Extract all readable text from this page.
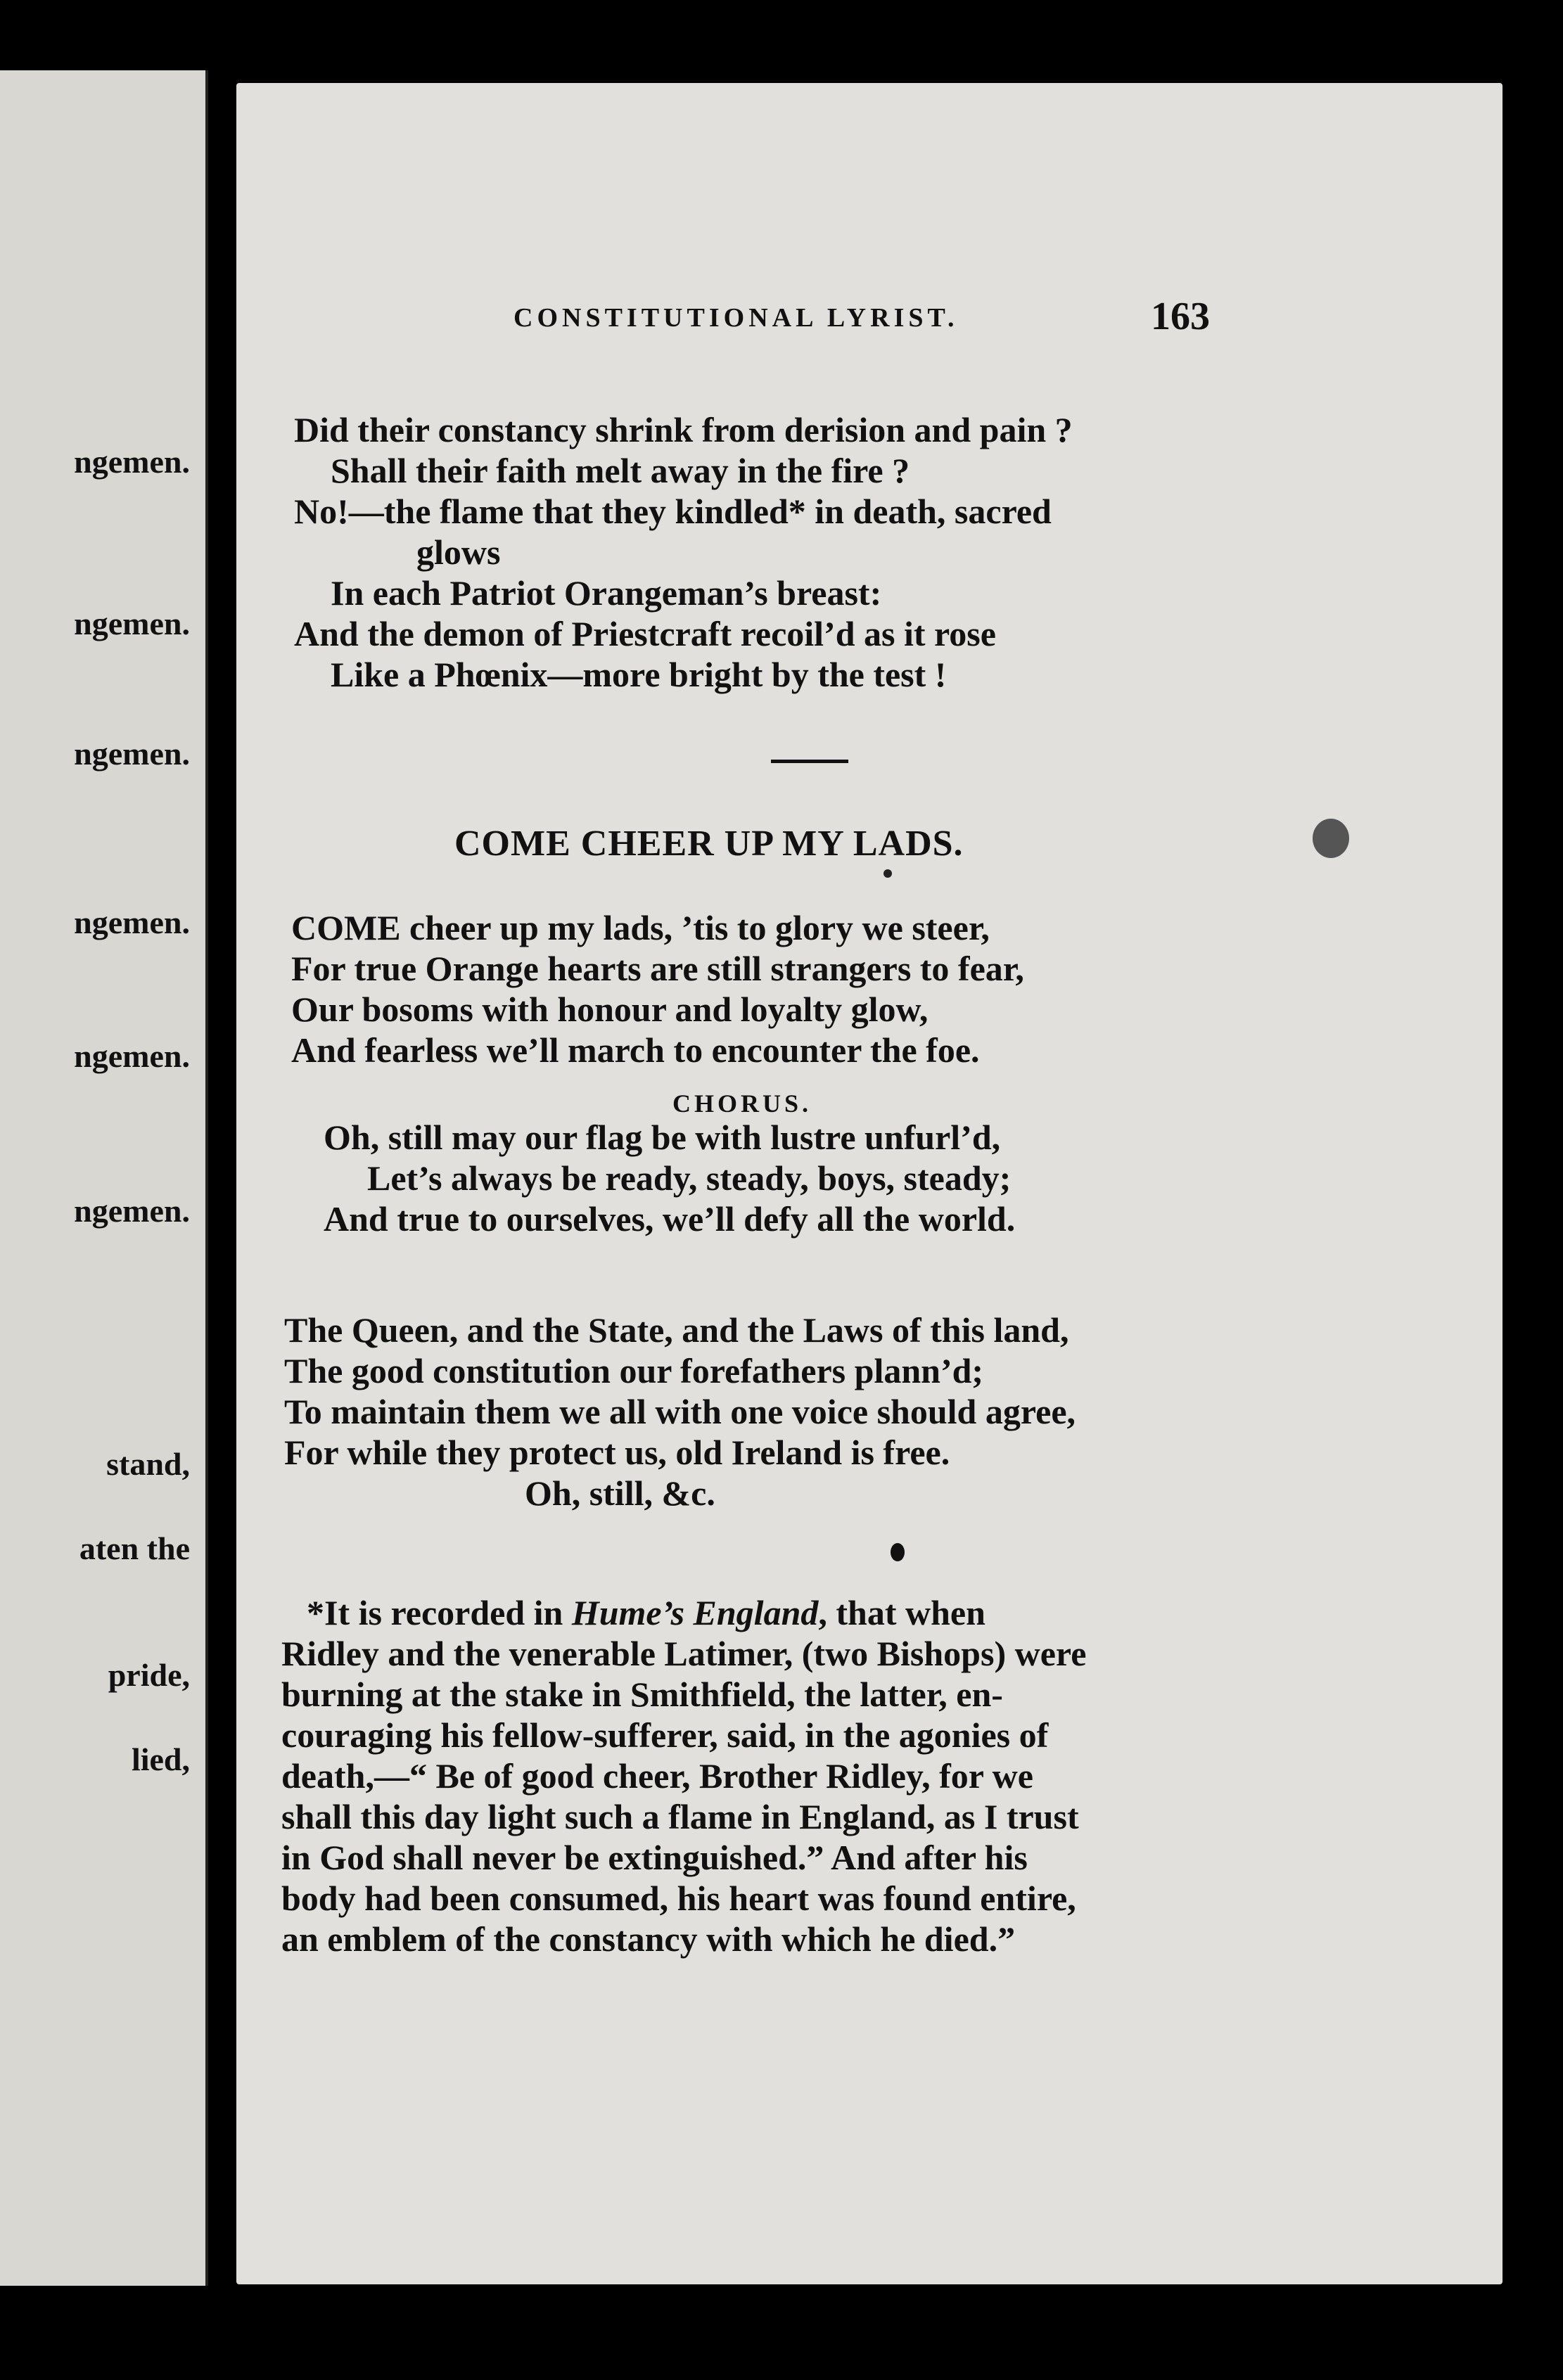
ngemen.
ngemen.
ngemen.
ngemen.
ngemen.
ngemen.
stand,
aten the
pride,
lied,

CONSTITUTIONAL LYRIST.	163
Did their constancy shrink from derision and pain ?
Shall their faith melt away in the fire ?
No!—the flame that they kindled* in death, sacred
glows
In each Patriot Orangeman’s breast:
And the demon of Priestcraft recoil’d as it rose
Like a Phœnix—more bright by the test !
COME CHEER UP MY LADS.
COME cheer up my lads, ’tis to glory we steer,
For true Orange hearts are still strangers to fear,
Our bosoms with honour and loyalty glow,
And fearless we’ll march to encounter the foe.
CHORUS.
Oh, still may our flag be with lustre unfurl’d,
Let’s always be ready, steady, boys, steady;
And true to ourselves, we’ll defy all the world.
The Queen, and the State, and the Laws of this land,
The good constitution our forefathers plann’d;
To maintain them we all with one voice should agree,
For while they protect us, old Ireland is free.
Oh, still, &c.
*It is recorded in Hume’s England, that when
Ridley and the venerable Latimer, (two Bishops) were
burning at the stake in Smithfield, the latter, en-
couraging his fellow-sufferer, said, in the agonies of
death,—“ Be of good cheer, Brother Ridley, for we
shall this day light such a flame in England, as I trust
in God shall never be extinguished.” And after his
body had been consumed, his heart was found entire,
an emblem of the constancy with which he died.”
